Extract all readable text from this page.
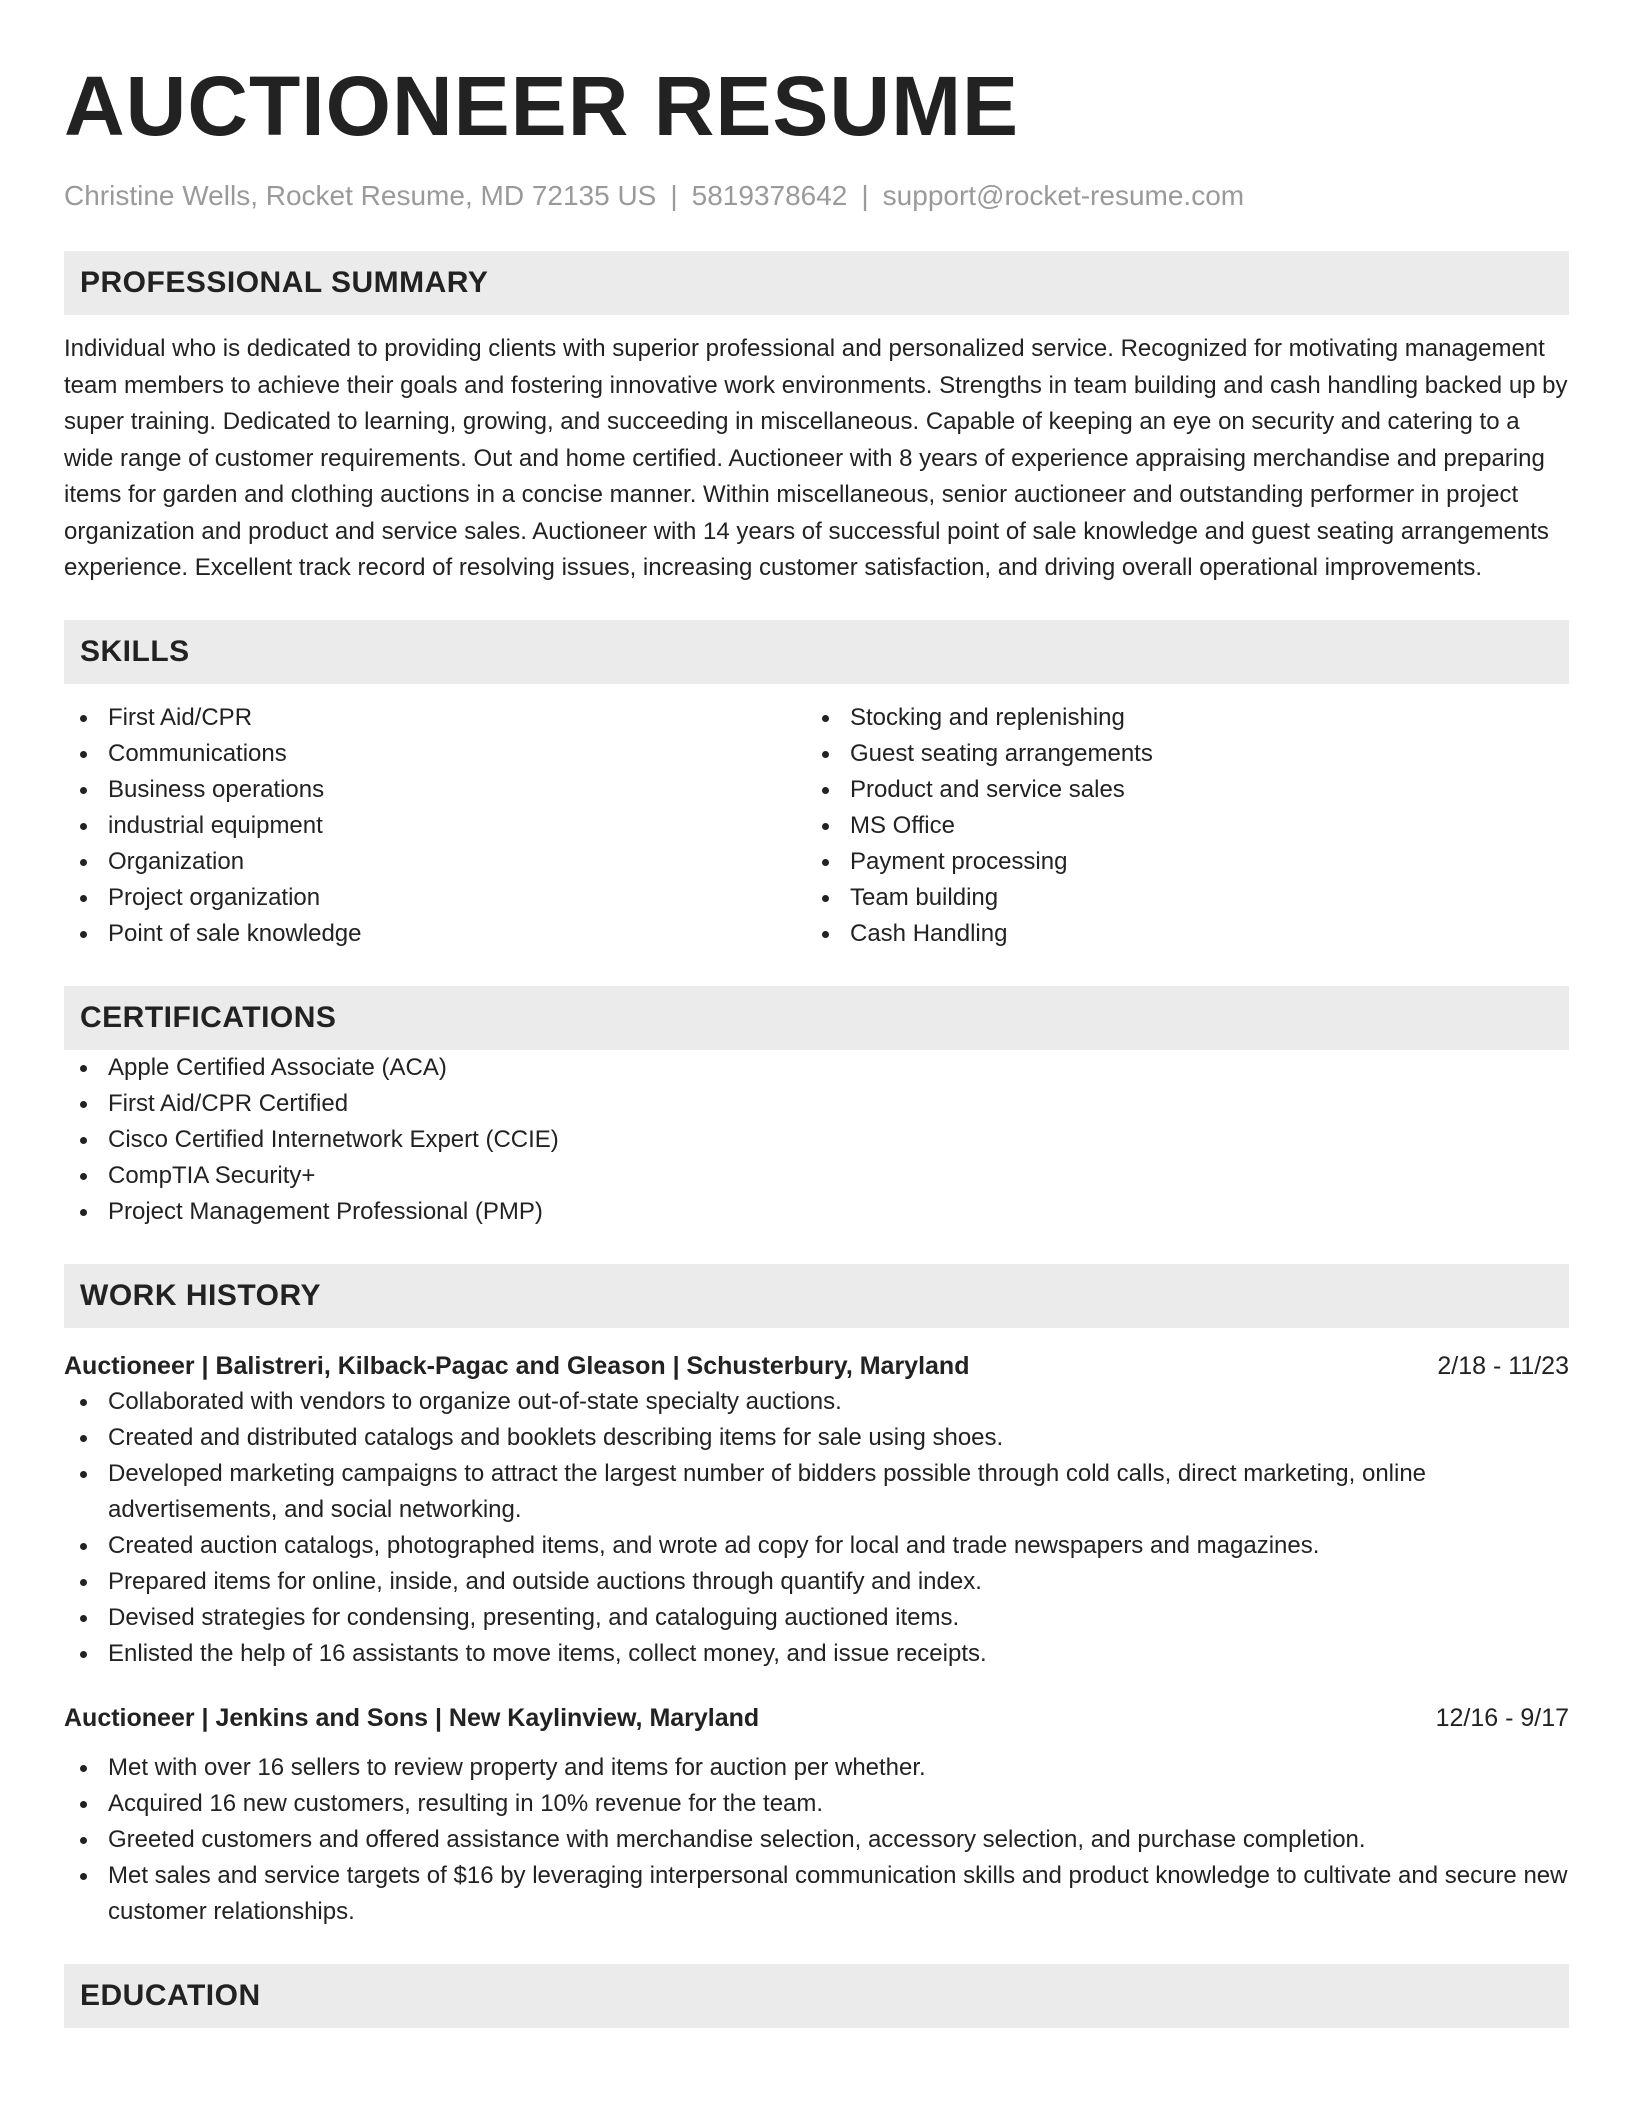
AUCTIONEER RESUME
Christine Wells, Rocket Resume, MD 72135 US | 5819378642 | support@rocket-resume.com
PROFESSIONAL SUMMARY

Individual who is dedicated to providing clients with superior professional and personalized service. Recognized for motivating management team members to achieve their goals and fostering innovative work environments. Strengths in team building and cash handling backed up by super training. Dedicated to learning, growing, and succeeding in miscellaneous. Capable of keeping an eye on security and catering to a wide range of customer requirements. Out and home certified. Auctioneer with 8 years of experience appraising merchandise and preparing items for garden and clothing auctions in a concise manner. Within miscellaneous, senior auctioneer and outstanding performer in project organization and product and service sales. Auctioneer with 14 years of successful point of sale knowledge and guest seating arrangements experience. Excellent track record of resolving issues, increasing customer satisfaction, and driving overall operational improvements.

SKILLS
First Aid/CPR
Communications
Business operations
industrial equipment
Organization
Project organization
Point of sale knowledge
Stocking and replenishing
Guest seating arrangements
Product and service sales
MS Office
Payment processing
Team building
Cash Handling
CERTIFICATIONS
Apple Certified Associate (ACA)
First Aid/CPR Certified
Cisco Certified Internetwork Expert (CCIE)
CompTIA Security+
Project Management Professional (PMP)
WORK HISTORY
Auctioneer | Balistreri, Kilback-Pagac and Gleason | Schusterbury, Maryland	2/18 - 11/23
Collaborated with vendors to organize out-of-state specialty auctions.
Created and distributed catalogs and booklets describing items for sale using shoes.
Developed marketing campaigns to attract the largest number of bidders possible through cold calls, direct marketing, online advertisements, and social networking.
Created auction catalogs, photographed items, and wrote ad copy for local and trade newspapers and magazines.
Prepared items for online, inside, and outside auctions through quantify and index.
Devised strategies for condensing, presenting, and cataloguing auctioned items.
Enlisted the help of 16 assistants to move items, collect money, and issue receipts.
Auctioneer | Jenkins and Sons | New Kaylinview, Maryland	12/16 - 9/17
Met with over 16 sellers to review property and items for auction per whether.
Acquired 16 new customers, resulting in 10% revenue for the team.
Greeted customers and offered assistance with merchandise selection, accessory selection, and purchase completion.
Met sales and service targets of $16 by leveraging interpersonal communication skills and product knowledge to cultivate and secure new customer relationships.
EDUCATION
